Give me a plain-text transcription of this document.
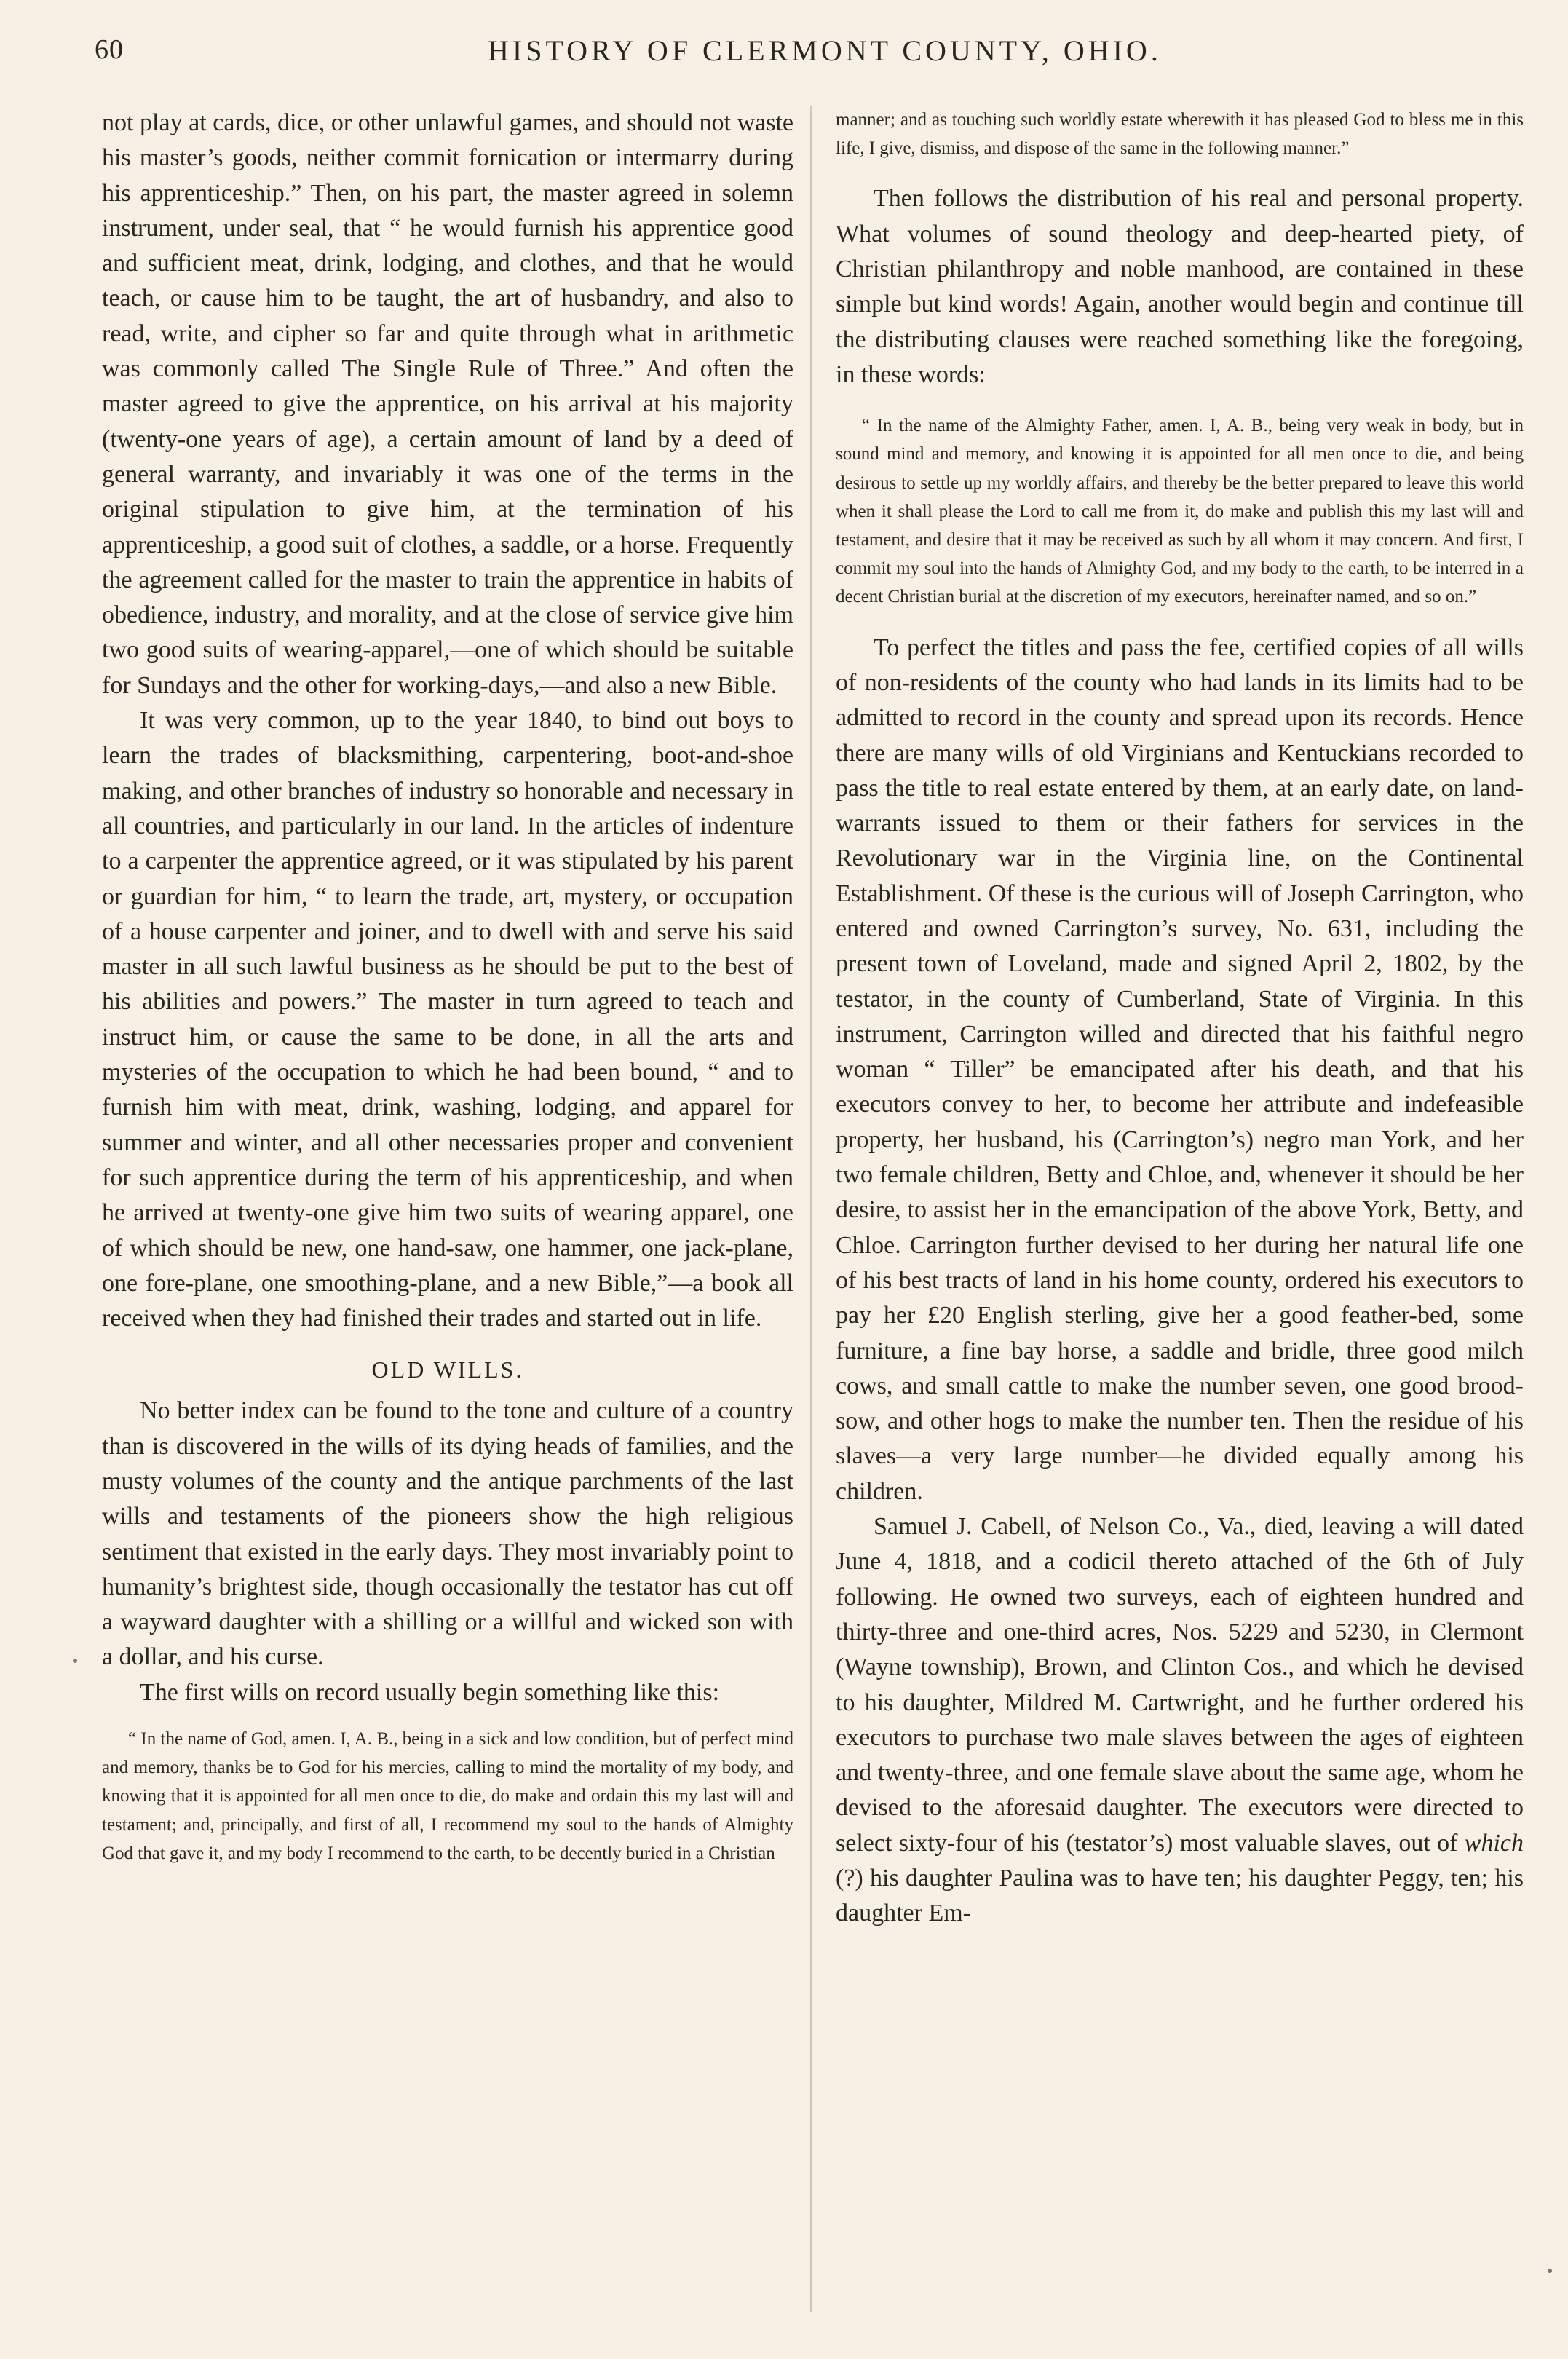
60	HISTORY OF CLERMONT COUNTY, OHIO.

not play at cards, dice, or other unlawful games, and should not waste his master’s goods, neither commit fornication or intermarry during his apprenticeship.” Then, on his part, the master agreed in solemn instrument, under seal, that “ he would furnish his apprentice good and sufficient meat, drink, lodging, and clothes, and that he would teach, or cause him to be taught, the art of husbandry, and also to read, write, and cipher so far and quite through what in arithmetic was commonly called The Single Rule of Three.” And often the master agreed to give the apprentice, on his arrival at his majority (twenty-one years of age), a certain amount of land by a deed of general warranty, and invariably it was one of the terms in the original stipulation to give him, at the termination of his apprenticeship, a good suit of clothes, a saddle, or a horse. Frequently the agreement called for the master to train the apprentice in habits of obedience, industry, and morality, and at the close of service give him two good suits of wearing-apparel,—one of which should be suitable for Sundays and the other for working-days,—and also a new Bible.

It was very common, up to the year 1840, to bind out boys to learn the trades of blacksmithing, carpentering, boot-and-shoe making, and other branches of industry so honorable and necessary in all countries, and particularly in our land. In the articles of indenture to a carpenter the apprentice agreed, or it was stipulated by his parent or guardian for him, “ to learn the trade, art, mystery, or occupation of a house carpenter and joiner, and to dwell with and serve his said master in all such lawful business as he should be put to the best of his abilities and powers.” The master in turn agreed to teach and instruct him, or cause the same to be done, in all the arts and mysteries of the occupation to which he had been bound, “ and to furnish him with meat, drink, washing, lodging, and apparel for summer and winter, and all other necessaries proper and convenient for such apprentice during the term of his apprenticeship, and when he arrived at twenty-one give him two suits of wearing apparel, one of which should be new, one hand-saw, one hammer, one jack-plane, one fore-plane, one smoothing-plane, and a new Bible,”—a book all received when they had finished their trades and started out in life.

OLD WILLS.

No better index can be found to the tone and culture of a country than is discovered in the wills of its dying heads of families, and the musty volumes of the county and the antique parchments of the last wills and testaments of the pioneers show the high religious sentiment that existed in the early days. They most invariably point to humanity’s brightest side, though occasionally the testator has cut off a wayward daughter with a shilling or a willful and wicked son with a dollar, and his curse.

The first wills on record usually begin something like this:

“ In the name of God, amen. I, A. B., being in a sick and low condition, but of perfect mind and memory, thanks be to God for his mercies, calling to mind the mortality of my body, and knowing that it is appointed for all men once to die, do make and ordain this my last will and testament; and, principally, and first of all, I recommend my soul to the hands of Almighty God that gave it, and my body I recommend to the earth, to be decently buried in a Christian

manner; and as touching such worldly estate wherewith it has pleased God to bless me in this life, I give, dismiss, and dispose of the same in the following manner.”

Then follows the distribution of his real and personal property. What volumes of sound theology and deep-hearted piety, of Christian philanthropy and noble manhood, are contained in these simple but kind words! Again, another would begin and continue till the distributing clauses were reached something like the foregoing, in these words:

“ In the name of the Almighty Father, amen. I, A. B., being very weak in body, but in sound mind and memory, and knowing it is appointed for all men once to die, and being desirous to settle up my worldly affairs, and thereby be the better prepared to leave this world when it shall please the Lord to call me from it, do make and publish this my last will and testament, and desire that it may be received as such by all whom it may concern. And first, I commit my soul into the hands of Almighty God, and my body to the earth, to be interred in a decent Christian burial at the discretion of my executors, hereinafter named, and so on.”

To perfect the titles and pass the fee, certified copies of all wills of non-residents of the county who had lands in its limits had to be admitted to record in the county and spread upon its records. Hence there are many wills of old Virginians and Kentuckians recorded to pass the title to real estate entered by them, at an early date, on land-warrants issued to them or their fathers for services in the Revolutionary war in the Virginia line, on the Continental Establishment. Of these is the curious will of Joseph Carrington, who entered and owned Carrington’s survey, No. 631, including the present town of Loveland, made and signed April 2, 1802, by the testator, in the county of Cumberland, State of Virginia. In this instrument, Carrington willed and directed that his faithful negro woman “ Tiller” be emancipated after his death, and that his executors convey to her, to become her attribute and indefeasible property, her husband, his (Carrington’s) negro man York, and her two female children, Betty and Chloe, and, whenever it should be her desire, to assist her in the emancipation of the above York, Betty, and Chloe. Carrington further devised to her during her natural life one of his best tracts of land in his home county, ordered his executors to pay her £20 English sterling, give her a good feather-bed, some furniture, a fine bay horse, a saddle and bridle, three good milch cows, and small cattle to make the number seven, one good brood-sow, and other hogs to make the number ten. Then the residue of his slaves—a very large number—he divided equally among his children.

Samuel J. Cabell, of Nelson Co., Va., died, leaving a will dated June 4, 1818, and a codicil thereto attached of the 6th of July following. He owned two surveys, each of eighteen hundred and thirty-three and one-third acres, Nos. 5229 and 5230, in Clermont (Wayne township), Brown, and Clinton Cos., and which he devised to his daughter, Mildred M. Cartwright, and he further ordered his executors to purchase two male slaves between the ages of eighteen and twenty-three, and one female slave about the same age, whom he devised to the aforesaid daughter. The executors were directed to select sixty-four of his (testator’s) most valuable slaves, out of which (?) his daughter Paulina was to have ten; his daughter Peggy, ten; his daughter Em-
